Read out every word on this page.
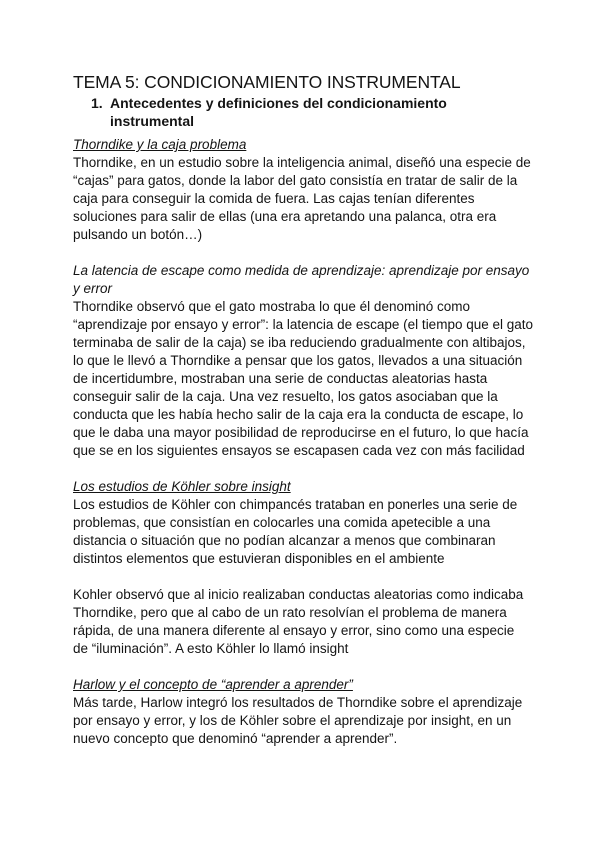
TEMA 5: CONDICIONAMIENTO INSTRUMENTAL
1. Antecedentes y definiciones del condicionamiento instrumental

Thorndike y la caja problema

Thorndike, en un estudio sobre la inteligencia animal, diseñó una especie de “cajas” para gatos, donde la labor del gato consistía en tratar de salir de la caja para conseguir la comida de fuera. Las cajas tenían diferentes soluciones para salir de ellas (una era apretando una palanca, otra era pulsando un botón…)

La latencia de escape como medida de aprendizaje: aprendizaje por ensayo y error

Thorndike observó que el gato mostraba lo que él denominó como “aprendizaje por ensayo y error”: la latencia de escape (el tiempo que el gato terminaba de salir de la caja) se iba reduciendo gradualmente con altibajos, lo que le llevó a Thorndike a pensar que los gatos, llevados a una situación de incertidumbre, mostraban una serie de conductas aleatorias hasta conseguir salir de la caja. Una vez resuelto, los gatos asociaban que la conducta que les había hecho salir de la caja era la conducta de escape, lo que le daba una mayor posibilidad de reproducirse en el futuro, lo que hacía que se en los siguientes ensayos se escapasen cada vez con más facilidad

Los estudios de Köhler sobre insight

Los estudios de Köhler con chimpancés trataban en ponerles una serie de problemas, que consistían en colocarles una comida apetecible a una distancia o situación que no podían alcanzar a menos que combinaran distintos elementos que estuvieran disponibles en el ambiente

Kohler observó que al inicio realizaban conductas aleatorias como indicaba Thorndike, pero que al cabo de un rato resolvían el problema de manera rápida, de una manera diferente al ensayo y error, sino como una especie de “iluminación”. A esto Köhler lo llamó insight

Harlow y el concepto de “aprender a aprender”

Más tarde, Harlow integró los resultados de Thorndike sobre el aprendizaje por ensayo y error, y los de Köhler sobre el aprendizaje por insight, en un nuevo concepto que denominó “aprender a aprender”.
